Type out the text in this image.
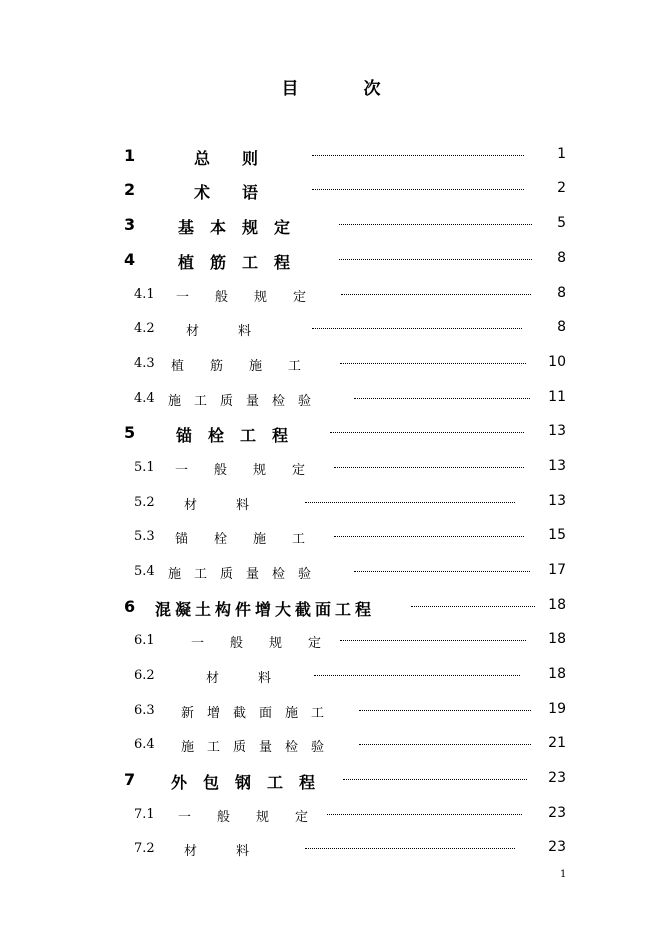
目　次
1	总　　则	1
2	术　　语	2
3	基　本　规　定	5
4	植　筋　工　程	8
4.1 一　　般　　规　　定	8
4.2 材　　　料	8
4.3 植　　筋　　施　　工	10
4.4 施　工　质　量　检　验	11
5	锚　栓　工　程	13
5.1 一　　般　　规　　定	13
5.2 材　　　料	13
5.3 锚　　栓　　施　　工	15
5.4 施　工　质　量　检　验	17
6 混凝土构件增大截面工程	18
6.1	一　　般　　规　　定	18
6.2	材　　　料	18
6.3 新　增　截　面　施　工	19
6.4 施　工　质　量　检　验	21
7 外　包　钢　工　程	23
7.1 一　　般　　规　　定	23
7.2 材　　　料	23
1
